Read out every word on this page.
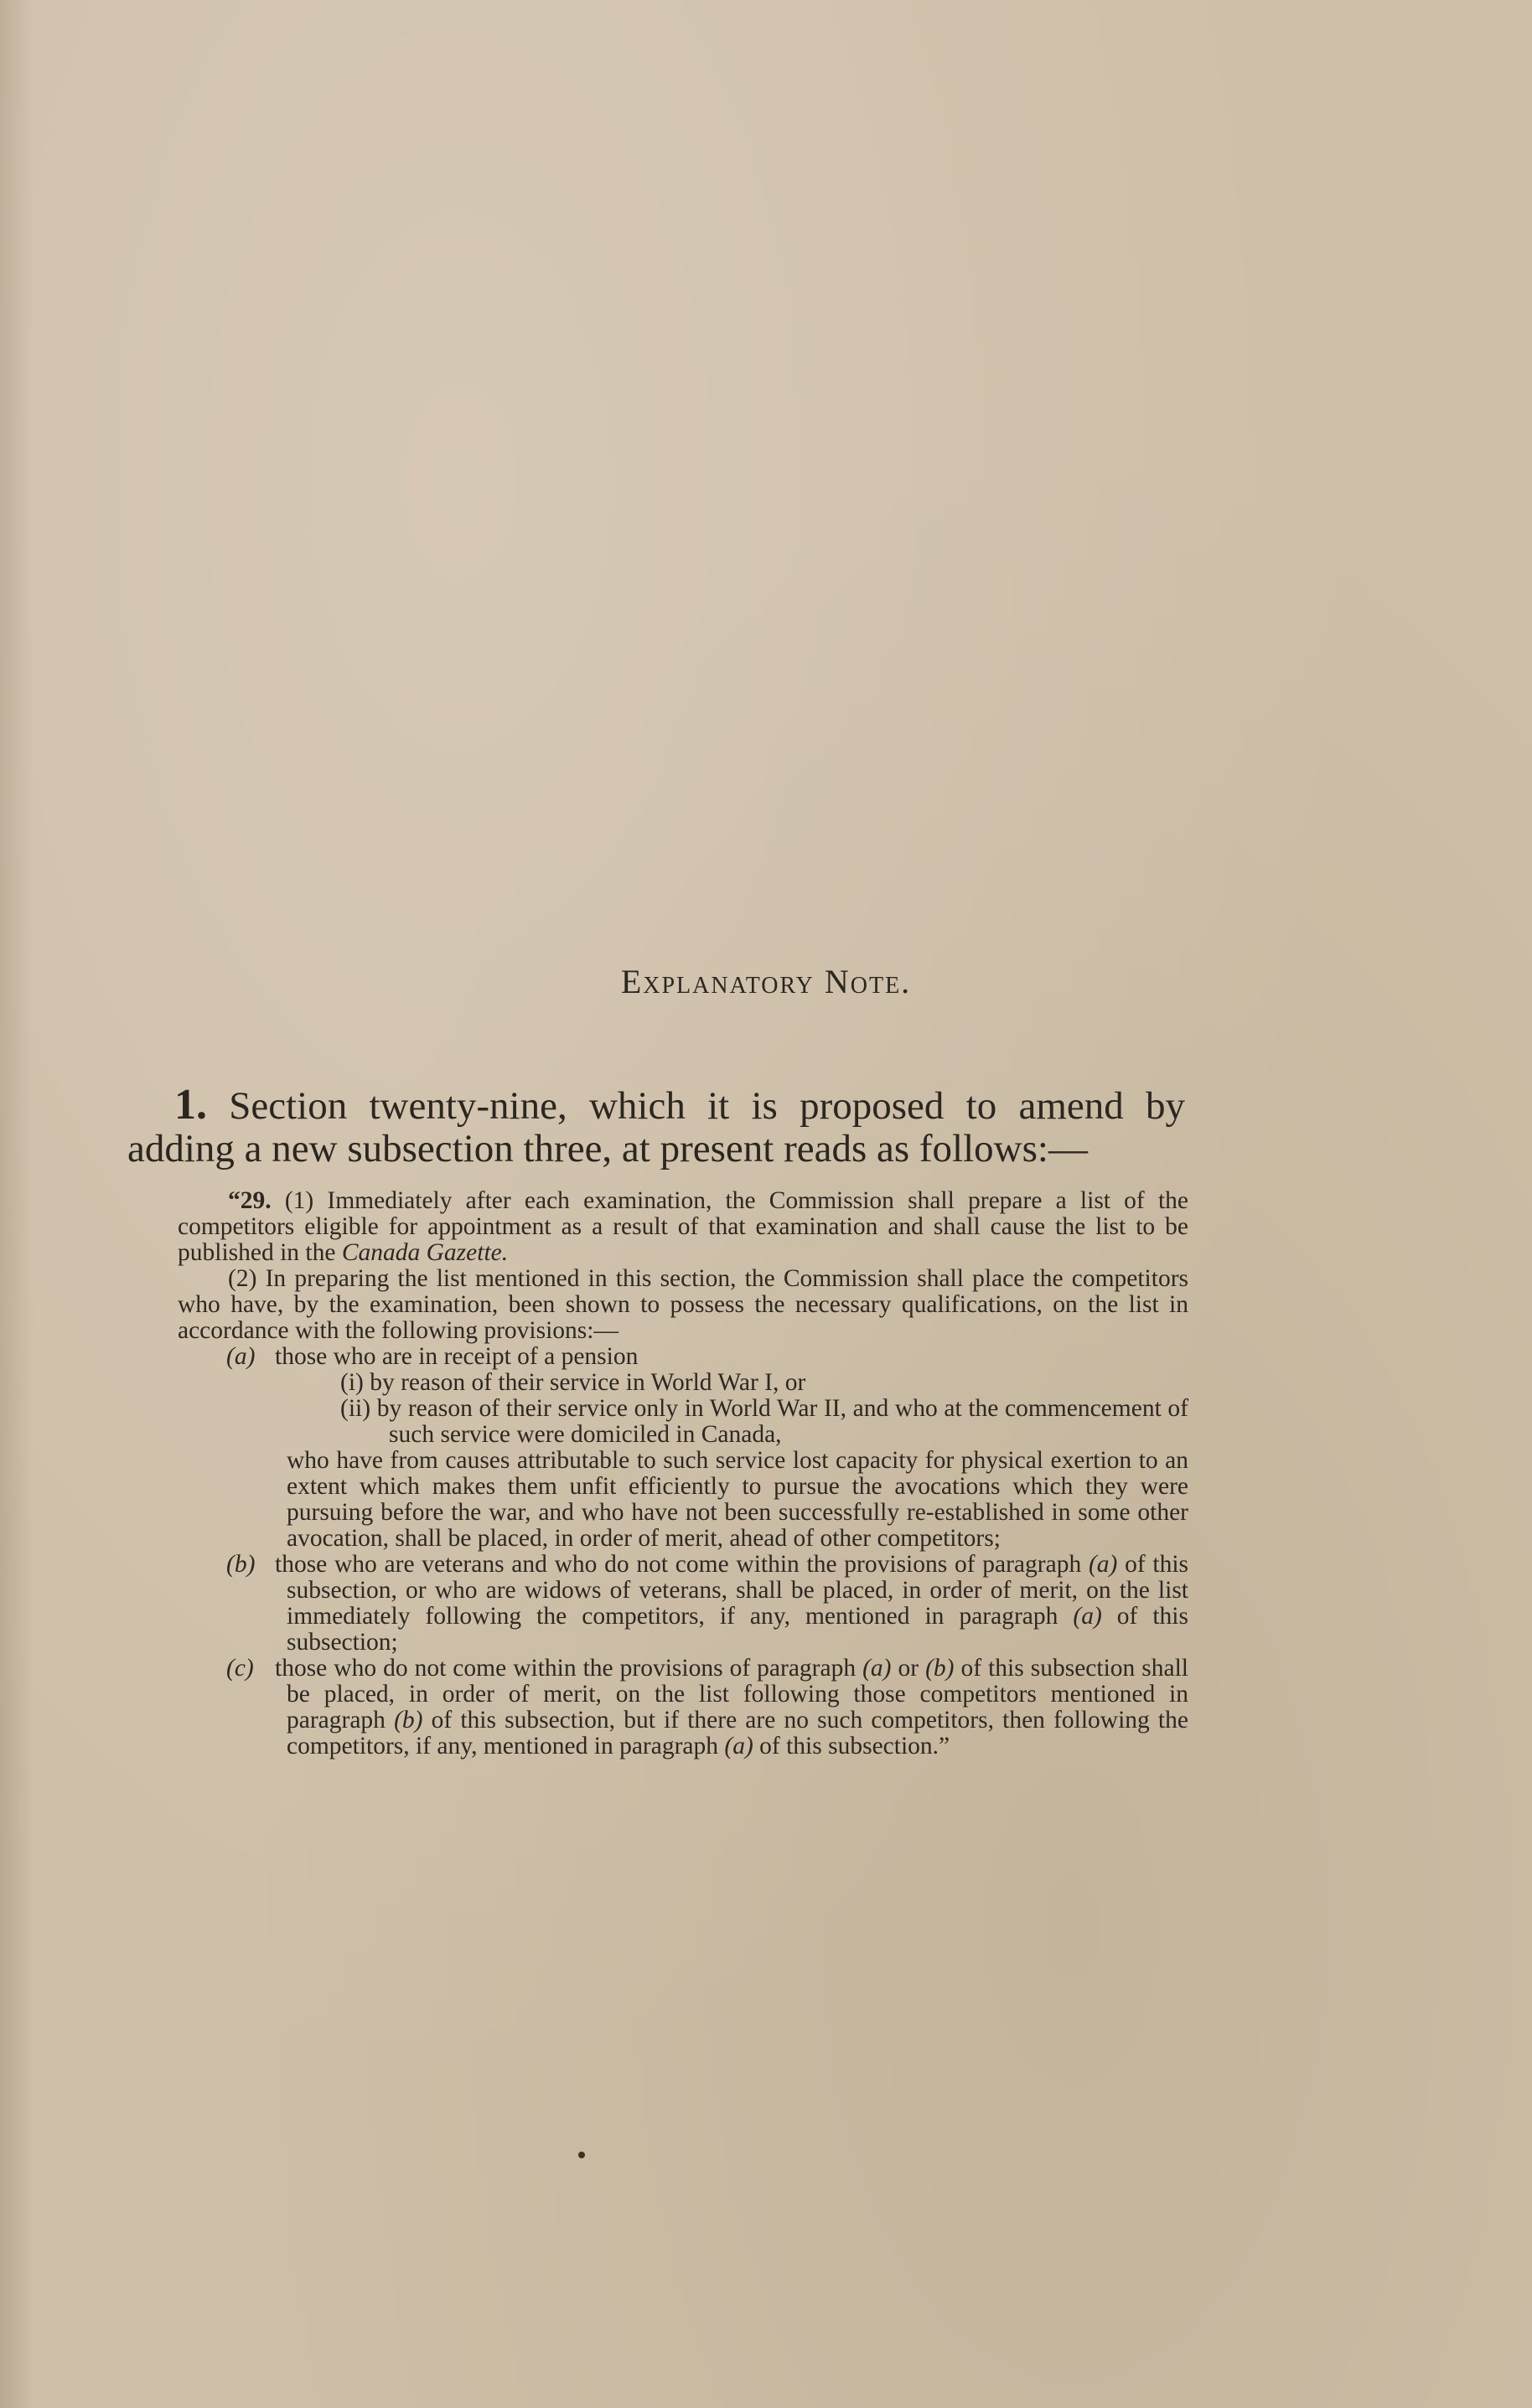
Explanatory Note.

1. Section twenty-nine, which it is proposed to amend by adding a new subsection three, at present reads as follows:—

“29. (1) Immediately after each examination, the Commission shall prepare a list of the competitors eligible for appointment as a result of that examination and shall cause the list to be published in the Canada Gazette.

(2) In preparing the list mentioned in this section, the Commission shall place the competitors who have, by the examination, been shown to possess the necessary qualifications, on the list in accordance with the following provisions:—

(a) those who are in receipt of a pension

(i) by reason of their service in World War I, or

(ii) by reason of their service only in World War II, and who at the commencement of such service were domiciled in Canada,

who have from causes attributable to such service lost capacity for physical exertion to an extent which makes them unfit efficiently to pursue the avocations which they were pursuing before the war, and who have not been successfully re-established in some other avocation, shall be placed, in order of merit, ahead of other competitors;

(b) those who are veterans and who do not come within the provisions of paragraph (a) of this subsection, or who are widows of veterans, shall be placed, in order of merit, on the list immediately following the competitors, if any, mentioned in paragraph (a) of this subsection;

(c) those who do not come within the provisions of paragraph (a) or (b) of this subsection shall be placed, in order of merit, on the list following those competitors mentioned in paragraph (b) of this subsection, but if there are no such competitors, then following the competitors, if any, mentioned in paragraph (a) of this subsection.”
